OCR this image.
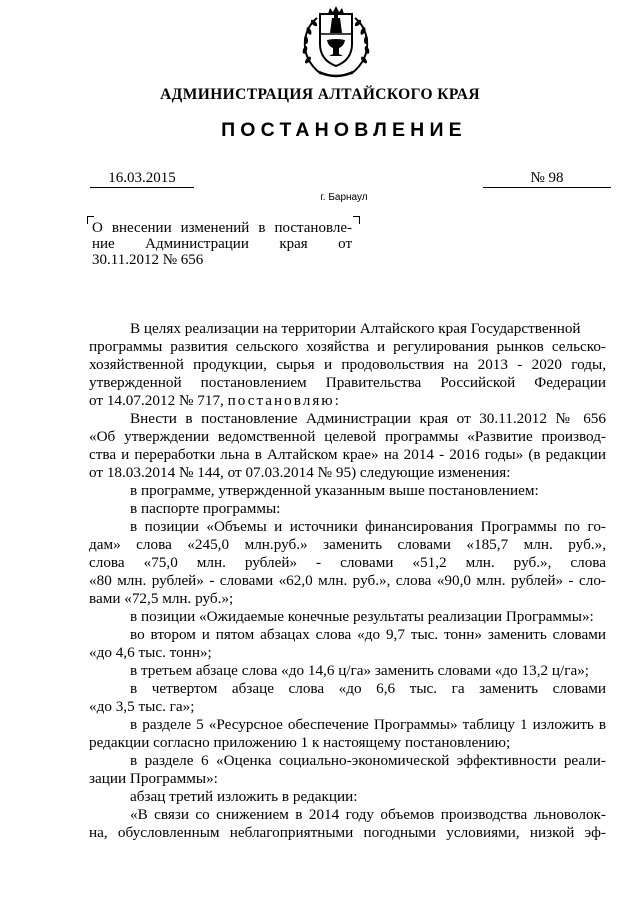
АДМИНИСТРАЦИЯ АЛТАЙСКОГО КРАЯ
ПОСТАНОВЛЕНИЕ
16.03.2015	№ 98
г. Барнаул
О внесении изменений в постановле-
ние Администрации края от
30.11.2012 № 656
В целях реализации на территории Алтайского края Государственной
программы развития сельского хозяйства и регулирования рынков сельско-
хозяйственной продукции, сырья и продовольствия на 2013 - 2020 годы,
утвержденной постановлением Правительства Российской Федерации
от 14.07.2012 № 717, постановляю:
Внести в постановление Администрации края от 30.11.2012 № 656
«Об утверждении ведомственной целевой программы «Развитие производ-
ства и переработки льна в Алтайском крае» на 2014 - 2016 годы» (в редакции
от 18.03.2014 № 144, от 07.03.2014 № 95) следующие изменения:
в программе, утвержденной указанным выше постановлением:
в паспорте программы:
в позиции «Объемы и источники финансирования Программы по го-
дам» слова «245,0 млн.руб.» заменить словами «185,7 млн. руб.»,
слова «75,0 млн. рублей» - словами «51,2 млн. руб.», слова
«80 млн. рублей» - словами «62,0 млн. руб.», слова «90,0 млн. рублей» - сло-
вами «72,5 млн. руб.»;
в позиции «Ожидаемые конечные результаты реализации Программы»:
во втором и пятом абзацах слова «до 9,7 тыс. тонн» заменить словами
«до 4,6 тыс. тонн»;
в третьем абзаце слова «до 14,6 ц/га» заменить словами «до 13,2 ц/га»;
в четвертом абзаце слова «до 6,6 тыс. га заменить словами
«до 3,5 тыс. га»;
в разделе 5 «Ресурсное обеспечение Программы» таблицу 1 изложить в
редакции согласно приложению 1 к настоящему постановлению;
в разделе 6 «Оценка социально-экономической эффективности реали-
зации Программы»:
абзац третий изложить в редакции:
«В связи со снижением в 2014 году объемов производства льноволок-
на, обусловленным неблагоприятными погодными условиями, низкой эф-
